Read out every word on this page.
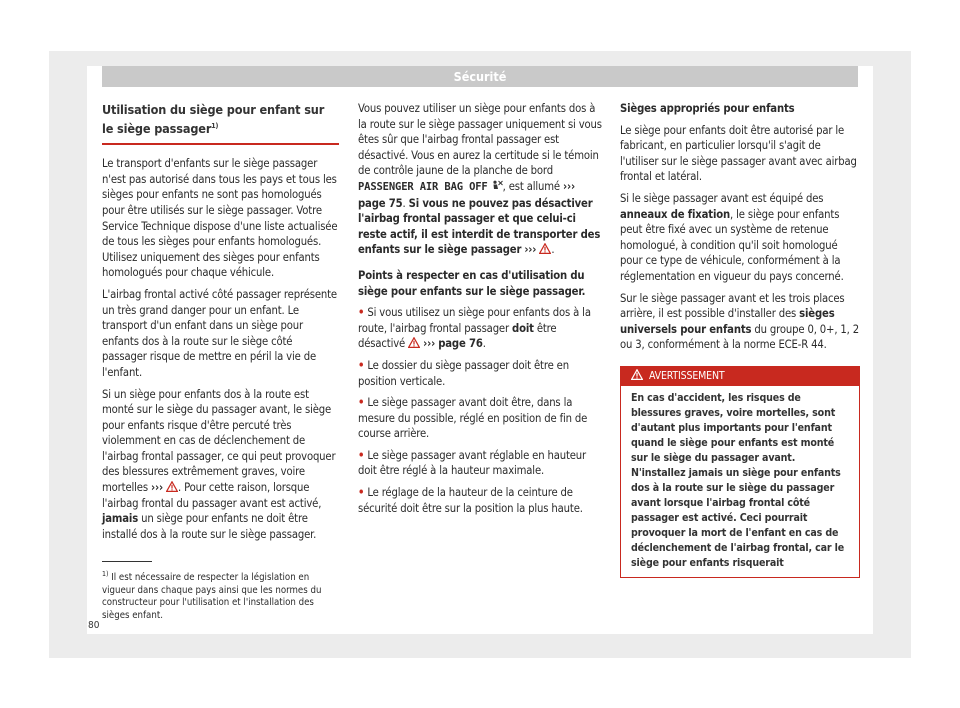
Sécurité
Utilisation du siège pour enfant sur le siège passager$^{1)}$

Le transport d'enfants sur le siège passager n'est pas autorisé dans tous les pays et tous les sièges pour enfants ne sont pas homologués pour être utilisés sur le siège passager. Votre Service Technique dispose d'une liste actualisée de tous les sièges pour enfants homologués. Utilisez uniquement des sièges pour enfants homologués pour chaque véhicule.

L'airbag frontal activé côté passager représente un très grand danger pour un enfant. Le transport d'un enfant dans un siège pour enfants dos à la route sur le siège côté passager risque de mettre en péril la vie de l'enfant.

Si un siège pour enfants dos à la route est monté sur le siège du passager avant, le siège pour enfants risque d'être percuté très violemment en cas de déclenchement de l'airbag frontal passager, ce qui peut provoquer des blessures extrêmement graves, voire mortelles ››› . Pour cette raison, lorsque l'airbag frontal du passager avant est activé, jamais un siège pour enfants ne doit être installé dos à la route sur le siège passager.

Vous pouvez utiliser un siège pour enfants dos à la route sur le siège passager uniquement si vous êtes sûr que l'airbag frontal passager est désactivé. Vous en aurez la certitude si le témoin de contrôle jaune de la planche de bord PASSENGER AIR BAG OFF , est allumé ››› page 75. Si vous ne pouvez pas désactiver l'airbag frontal passager et que celui-ci reste actif, il est interdit de transporter des enfants sur le siège passager ››› .

Points à respecter en cas d'utilisation du siège pour enfants sur le siège passager.

• Si vous utilisez un siège pour enfants dos à la route, l'airbag frontal passager doit être désactivé  ››› page 76.

• Le dossier du siège passager doit être en position verticale.

• Le siège passager avant doit être, dans la mesure du possible, réglé en position de fin de course arrière.

• Le siège passager avant réglable en hauteur doit être réglé à la hauteur maximale.

• Le réglage de la hauteur de la ceinture de sécurité doit être sur la position la plus haute.

Sièges appropriés pour enfants

Le siège pour enfants doit être autorisé par le fabricant, en particulier lorsqu'il s'agit de l'utiliser sur le siège passager avant avec airbag frontal et latéral.

Si le siège passager avant est équipé des anneaux de fixation, le siège pour enfants peut être fixé avec un système de retenue homologué, à condition qu'il soit homologué pour ce type de véhicule, conformément à la réglementation en vigueur du pays concerné.

Sur le siège passager avant et les trois places arrière, il est possible d'installer des sièges universels pour enfants du groupe 0, 0+, 1, 2 ou 3, conformément à la norme ECE-R 44.

AVERTISSEMENT
En cas d'accident, les risques de blessures graves, voire mortelles, sont d'autant plus importants pour l'enfant quand le siège pour enfants est monté sur le siège du passager avant. N'installez jamais un siège pour enfants dos à la route sur le siège du passager avant lorsque l'airbag frontal côté passager est activé. Ceci pourrait provoquer la mort de l'enfant en cas de déclenchement de l'airbag frontal, car le siège pour enfants risquerait
$^{1)}$ Il est nécessaire de respecter la législation en vigueur dans chaque pays ainsi que les normes du constructeur pour l'utilisation et l'installation des sièges enfant.
80
